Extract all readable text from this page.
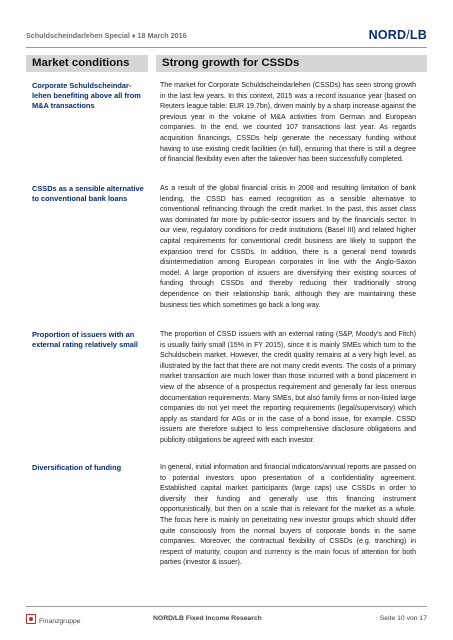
Schuldscheindarlehen Special ♦ 18 March 2016	NORD/LB
Market conditions	Strong growth for CSSDs
Corporate Schuldscheindar-lehen benefiting above all from M&A transactions
The market for Corporate Schuldscheindarlehen (CSSDs) has seen strong growth in the last few years. In this context, 2015 was a record issuance year (based on Reuters league table: EUR 19.7bn), driven mainly by a sharp increase against the previous year in the volume of M&A activities from German and European companies. In the end, we counted 107 transactions last year. As regards acquisition financings, CSSDs help generate the necessary funding without having to use existing credit facilities (in full), ensuring that there is still a degree of financial flexibility even after the takeover has been successfully completed.
CSSDs as a sensible alternative to conventional bank loans
As a result of the global financial crisis in 2008 and resulting limitation of bank lending, the CSSD has earned recognition as a sensible alternative to conventional refinancing through the credit market. In the past, this asset class was dominated far more by public-sector issuers and by the financials sector. In our view, regulatory conditions for credit institutions (Basel III) and related higher capital requirements for conventional credit business are likely to support the expansion trend for CSSDs. In addition, there is a general trend towards disintermediation among European corporates in line with the Anglo-Saxon model. A large proportion of issuers are diversifying their existing sources of funding through CSSDs and thereby reducing their traditionally strong dependence on their relationship bank, although they are maintaining these business ties which sometimes go back a long way.
Proportion of issuers with an external rating relatively small
The proportion of CSSD issuers with an external rating (S&P, Moody's and Fitch) is usually fairly small (15% in FY 2015), since it is mainly SMEs which turn to the Schuldschein market. However, the credit quality remains at a very high level, as illustrated by the fact that there are not many credit events. The costs of a primary market transaction are much lower than those incurred with a bond placement in view of the absence of a prospectus requirement and generally far less onerous documentation requirements. Many SMEs, but also family firms or non-listed large companies do not yet meet the reporting requirements (legal/supervisory) which apply as standard for AGs or in the case of a bond issue, for example. CSSD issuers are therefore subject to less comprehensive disclosure obligations and publicity obligations be agreed with each investor.
Diversification of funding	In general, initial information and financial indicators/annual reports are passed on to potential investors upon presentation of a confidentiality agreement. Established capital market participants (large caps) use CSSDs in order to diversify their funding and generally use this financing instrument opportunistically, but then on a scale that is relevant for the market as a whole. The focus here is mainly on penetrating new investor groups which should differ quite consciously from the normal buyers of corporate bonds in the same companies. Moreover, the contractual flexibility of CSSDs (e.g. tranching) in respect of maturity, coupon and currency is the main focus of attention for both parties (investor & issuer).
Finanzgruppe	NORD/LB Fixed Income Research	Seite 10 von 17
